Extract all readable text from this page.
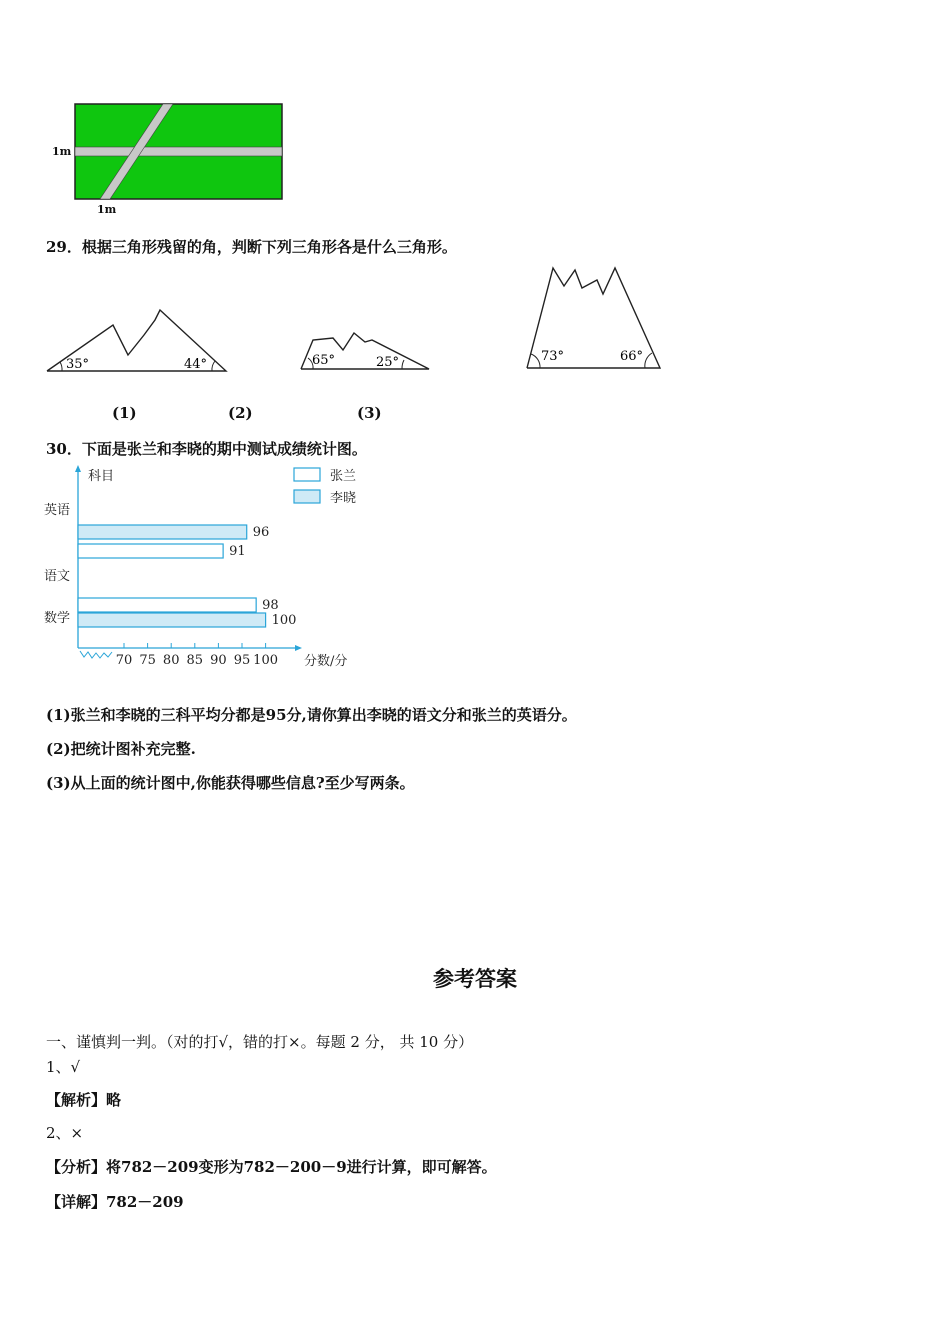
1m
1m
29．根据三角形残留的角，判断下列三角形各是什么三角形。
35°	44°	65°	25°	73°	66°
(1)	(2)	(3)
30．下面是张兰和李晓的期中测试成绩统计图。
科目
分数/分
70 75 80 85 90 95 100
英语
96
语文
91
数学
98
100
张兰
李晓
(1)张兰和李晓的三科平均分都是95分,请你算出李晓的语文分和张兰的英语分。
(2)把统计图补充完整.
(3)从上面的统计图中,你能获得哪些信息?至少写两条。
参考答案
一、谨慎判一判。（对的打√，错的打×。每题 2 分， 共 10 分）
1、√
【解析】略
2、×
【分析】将782－209变形为782－200－9进行计算，即可解答。
【详解】782－209
